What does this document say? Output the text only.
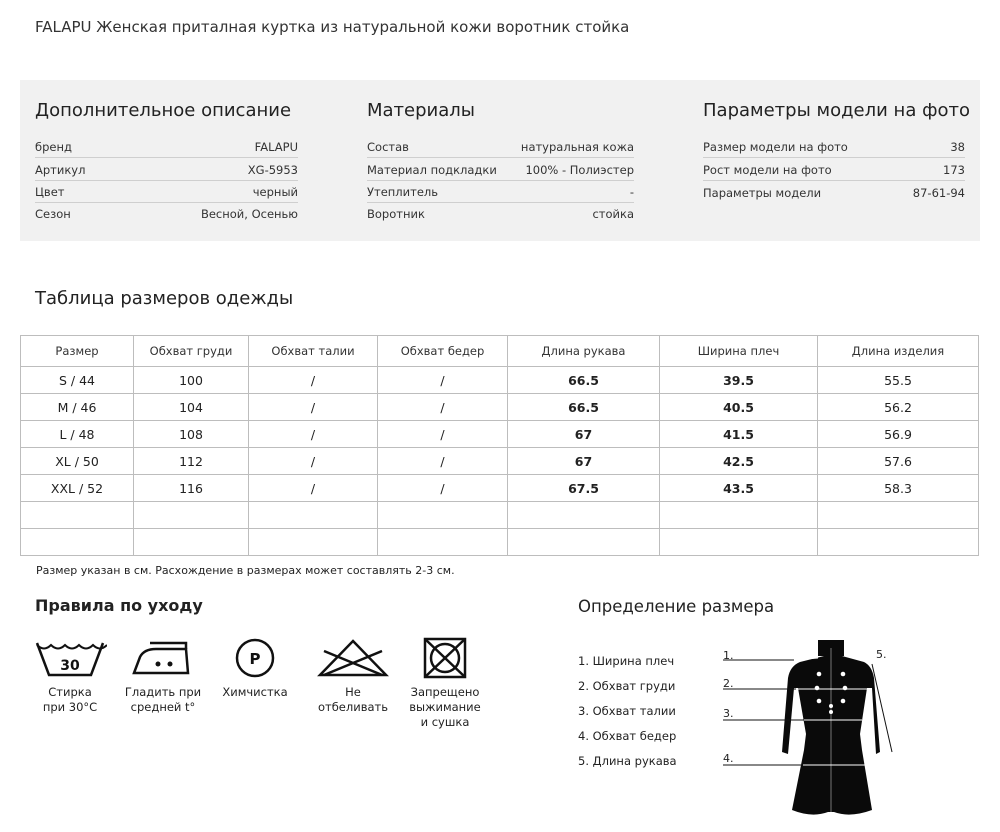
FALAPU Женская приталная куртка из натуральной кожи воротник стойка
Дополнительное описание
бренд	FALAPU
Артикул	XG-5953
Цвет	черный
Сезон	Весной, Осенью
Материалы
Состав	натуральная кожа
Материал подкладки 100% - Полиэстер
Утеплитель	-
Воротник	стойка
Параметры модели на фото
Размер модели на фото	38
Рост модели на фото	173
Параметры модели	87-61-94
Таблица размеров одежды
Размер	Обхват груди	Обхват талии	Обхват бедер	Длина рукава	Ширина плеч	Длина изделия
S / 44	100	/	/	66.5	39.5	55.5
M / 46	104	/	/	66.5	40.5	56.2
L / 48	108	/	/	67	41.5	56.9
XL / 50	112	/	/	67	42.5	57.6
XXL / 52	116	/	/	67.5	43.5	58.3

Размер указан в см. Расхождение в размерах может составлять 2-3 см.
Правила по уходу
30
Стирка
при 30°С
Гладить при
средней t°
P
Химчистка	Не отбеливать
Запрещено
выжимание
и сушка
Определение размера
1. Ширина плеч
2. Обхват груди
3. Обхват талии
4. Обхват бедер
5. Длина рукава
1.
2.
3.
4.
5.
